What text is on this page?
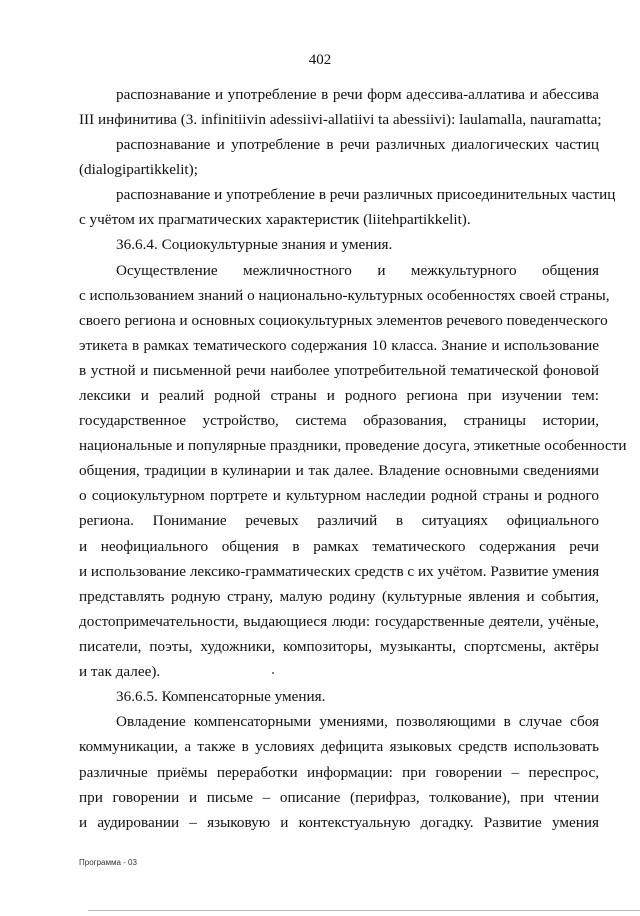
402
распознавание и употребление в речи форм адессива-аллатива и абессива
III инфинитива (3. infinitiivin adessiivi-allatiivi ta abessiivi): laulamalla, nauramatta;
распознавание и употребление в речи различных диалогических частиц
(dialogipartikkelit);
распознавание и употребление в речи различных присоединительных частиц
с учётом их прагматических характеристик (liitehpartikkelit).
36.6.4. Социокультурные знания и умения.
Осуществление межличностного и межкультурного общения
с использованием знаний о национально-культурных особенностях своей страны,
своего региона и основных социокультурных элементов речевого поведенческого
этикета в рамках тематического содержания 10 класса. Знание и использование
в устной и письменной речи наиболее употребительной тематической фоновой
лексики и реалий родной страны и родного региона при изучении тем:
государственное устройство, система образования, страницы истории,
национальные и популярные праздники, проведение досуга, этикетные особенности
общения, традиции в кулинарии и так далее. Владение основными сведениями
о социокультурном портрете и культурном наследии родной страны и родного
региона. Понимание речевых различий в ситуациях официального
и неофициального общения в рамках тематического содержания речи
и использование лексико-грамматических средств с их учётом. Развитие умения
представлять родную страну, малую родину (культурные явления и события,
достопримечательности, выдающиеся люди: государственные деятели, учёные,
писатели, поэты, художники, композиторы, музыканты, спортсмены, актёры
и так далее).
36.6.5. Компенсаторные умения.
Овладение компенсаторными умениями, позволяющими в случае сбоя
коммуникации, а также в условиях дефицита языковых средств использовать
различные приёмы переработки информации: при говорении – переспрос,
при говорении и письме – описание (перифраз, толкование), при чтении
и аудировании – языковую и контекстуальную догадку. Развитие умения
Программа - 03
